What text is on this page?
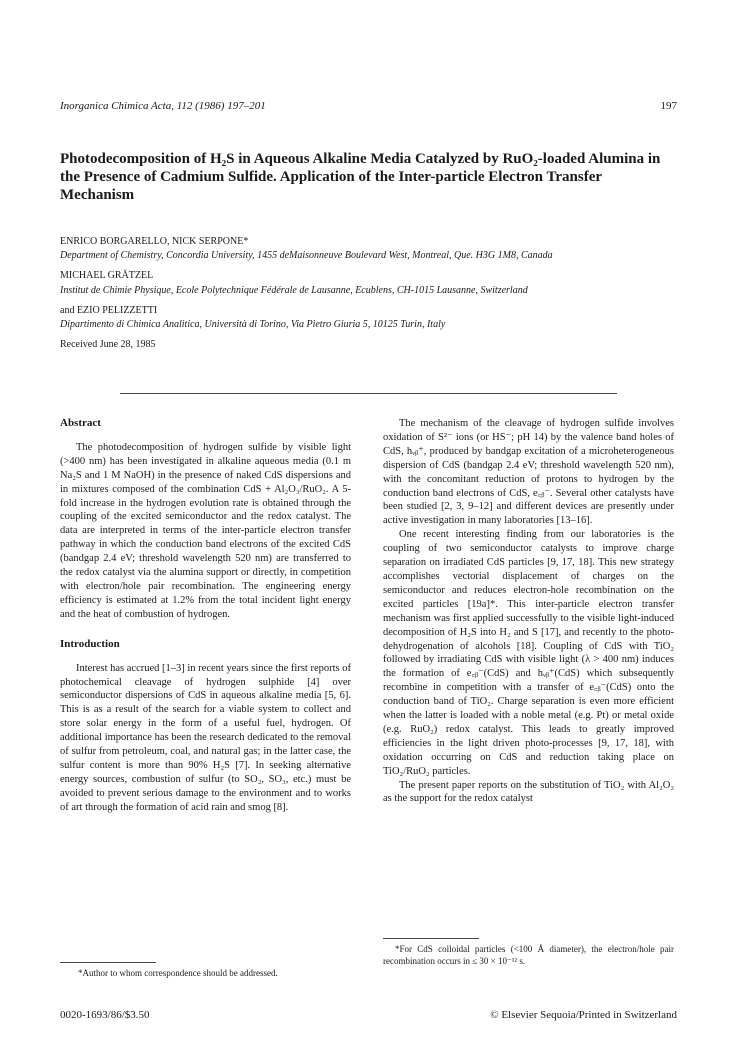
Inorganica Chimica Acta, 112 (1986) 197–201	197
Photodecomposition of H₂S in Aqueous Alkaline Media Catalyzed by RuO₂-loaded Alumina in the Presence of Cadmium Sulfide. Application of the Inter-particle Electron Transfer Mechanism
ENRICO BORGARELLO, NICK SERPONE*
Department of Chemistry, Concordia University, 1455 deMaisonneuve Boulevard West, Montreal, Que. H3G 1M8, Canada
MICHAEL GRÄTZEL
Institut de Chimie Physique, Ecole Polytechnique Fédérale de Lausanne, Ecublens, CH-1015 Lausanne, Switzerland
and EZIO PELIZZETTI
Dipartimento di Chimica Analitica, Università di Torino, Via Pietro Giuria 5, 10125 Turin, Italy
Received June 28, 1985
Abstract

The photodecomposition of hydrogen sulfide by visible light (>400 nm) has been investigated in alkaline aqueous media (0.1 m Na₂S and 1 M NaOH) in the presence of naked CdS dispersions and in mixtures composed of the combination CdS + Al₂O₃/RuO₂. A 5-fold increase in the hydrogen evolution rate is obtained through the coupling of the excited semiconductor and the redox catalyst. The data are interpreted in terms of the inter-particle electron transfer pathway in which the conduction band electrons of the excited CdS (bandgap 2.4 eV; threshold wavelength 520 nm) are transferred to the redox catalyst via the alumina support or directly, in competition with electron/hole pair recombination. The engineering energy efficiency is estimated at 1.2% from the total incident light energy and the heat of combustion of hydrogen.

Introduction

Interest has accrued [1–3] in recent years since the first reports of photochemical cleavage of hydrogen sulphide [4] over semiconductor dispersions of CdS in aqueous alkaline media [5, 6]. This is as a result of the search for a viable system to collect and store solar energy in the form of a useful fuel, hydrogen. Of additional importance has been the research dedicated to the removal of sulfur from petroleum, coal, and natural gas; in the latter case, the sulfur content is more than 90% H₂S [7]. In seeking alternative energy sources, combustion of sulfur (to SO₂, SO₃, etc.) must be avoided to prevent serious damage to the environment and to works of art through the formation of acid rain and smog [8].

The mechanism of the cleavage of hydrogen sulfide involves oxidation of S²⁻ ions (or HS⁻; pH 14) by the valence band holes of CdS, hᵥᵦ⁺, produced by bandgap excitation of a microheterogeneous dispersion of CdS (bandgap 2.4 eV; threshold wavelength 520 nm), with the concomitant reduction of protons to hydrogen by the conduction band electrons of CdS, e꜀ᵦ⁻. Several other catalysts have been studied [2, 3, 9–12] and different devices are presently under active investigation in many laboratories [13–16].

One recent interesting finding from our laboratories is the coupling of two semiconductor catalysts to improve charge separation on irradiated CdS particles [9, 17, 18]. This new strategy accomplishes vectorial displacement of charges on the semiconductor and reduces electron-hole recombination on the excited particles [19a]*. This inter-particle electron transfer mechanism was first applied successfully to the visible light-induced decomposition of H₂S into H₂ and S [17], and recently to the photo-dehydrogenation of alcohols [18]. Coupling of CdS with TiO₂ followed by irradiating CdS with visible light (λ > 400 nm) induces the formation of e꜀ᵦ⁻(CdS) and hᵥᵦ⁺(CdS) which subsequently recombine in competition with a transfer of e꜀ᵦ⁻(CdS) onto the conduction band of TiO₂. Charge separation is even more efficient when the latter is loaded with a noble metal (e.g. Pt) or metal oxide (e.g. RuO₂) redox catalyst. This leads to greatly improved efficiencies in the light driven photo-processes [9, 17, 18], with oxidation occurring on CdS and reduction taking place on TiO₂/RuO₂ particles.

The present paper reports on the substitution of TiO₂ with Al₂O₃ as the support for the redox catalyst

*Author to whom correspondence should be addressed.
*For CdS colloidal particles (<100 Å diameter), the electron/hole pair recombination occurs in ≤ 30 × 10⁻¹² s.
0020-1693/86/$3.50	© Elsevier Sequoia/Printed in Switzerland
